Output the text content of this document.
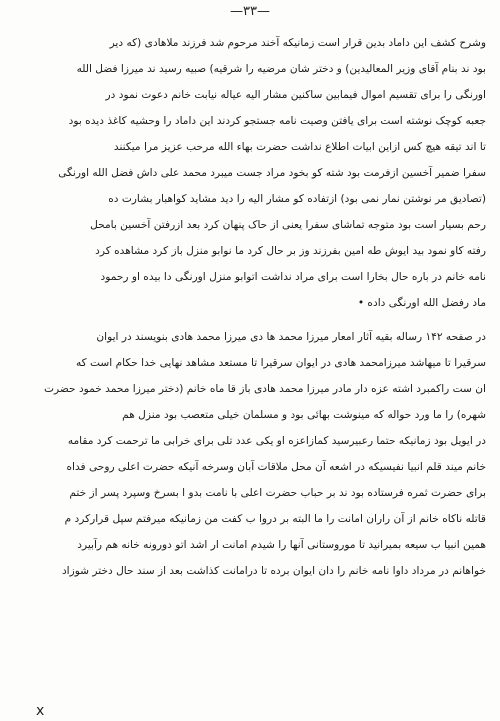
—٣٣—

وشرح کشف این داماد بدین قرار است زمانیکه آخند مرحوم شد فرزند ملاهادی (که دیر
بود ند بنام آقای وزیر المعالیدین) و دختر شان مرضیه را شرقیه) صبیه رسید ند میرزا فضل الله
اورنگی را برای تقسیم اموال فیمابین ساکنین مشار الیه عیاله نیابت خانم دعوت نمود در
جعبه کوچک نوشته است برای یافتن وصیت نامه جستجو کردند این داماد را وحشیه کاغذ دیده بود
تا اند تیقه هیچ کس ازاین ابیات اطلاع نداشت حضرت بهاء الله مرحب عزیز مرا میکنند
سفرا ضمیر آخسین ازفرمت بود شته کو بخود مراد جست میبرد محمد علی داش فضل الله اورنگی
(تصادیق مر نوشتن نمار نمی بود) ازتفاده کو مشار الیه را دید مشاید کواهبار بشارت ده
رحم بسیار است بود متوجه تماشای سفرا یعنی از حاک پنهان کرد بعد ازرفتن آخسین بامحل
رفته کاو نمود بید ایوش طه امین بفرزند وز بر حال کرد ما نوابو منزل باز کرد مشاهده کرد
نامه خانم در باره حال بخارا است برای مراد نداشت اتوابو منزل اورنگی دا بیده او رحمود
ماد رفضل الله اورنگی داده •

در صفحه ۱۴۲ رساله بقیه آثار امعار میرزا محمد ها دی میرزا محمد هادی بنویسند در ایوان
سرقیرا تا میهاشد میرزامحمد هادی در ایوان سرقیرا تا مستعد مشاهد نهایی خدا حکام است که
ان ست راکمبرد اشته عزه دار مادر میرزا محمد هادی باز قا ماه خانم (دختر میرزا محمد خمود حضرت
شهره) را ما ورد حواله که مینوشت بهائی بود و مسلمان خیلی متعصب بود منزل هم
در ایویل بود زمانیکه حتما رعبیرسید کمازاعزه او یکی عدد تلی برای خرابی ما ترحمت کرد مقامه
خانم میند قلم انبیا نفیسیکه در اشعه آن محل ملاقات آبان وسرخه آنیکه حضرت اعلی روحی فداه
برای حضرت ثمره فرستاده بود ند بر حباب حضرت اعلی با نامت بدو ا بسرخ وسپرد پسر از ختم
قاتله ناکاه خانم از آن راران امانت را ما البته بر دروا ب کفت من زمانیکه میرفتم سپل قرارکرد م
همین انبیا ب سیعه بمیرانید تا موروستانی آنها را شیدم امانت ار اشد اتو دورونه خانه هم رآبیرد
خواهانم در مرداد داوا نامه خانم را دان ایوان برده تا درامانت کذاشت بعد از سند حال دختر شوزاد

x
